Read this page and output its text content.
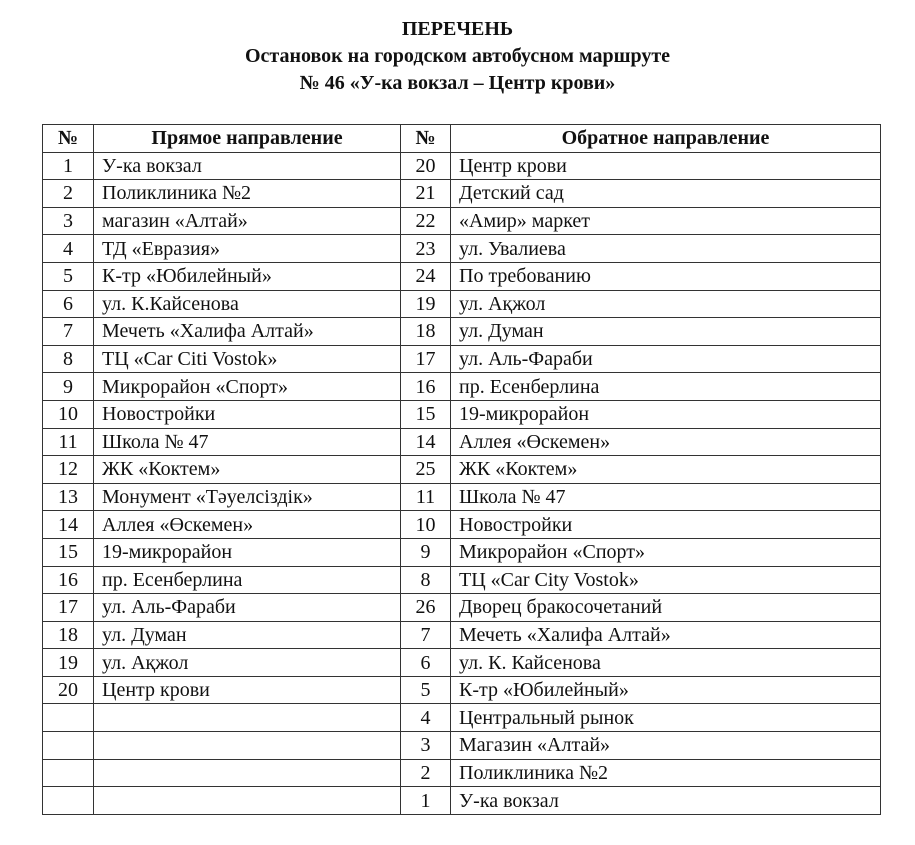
ПЕРЕЧЕНЬ
Остановок на городском автобусном маршруте
№ 46 «У-ка вокзал – Центр крови»
№	Прямое направление	№	Обратное направление
1	У-ка вокзал	20	Центр крови
2	Поликлиника №2	21	Детский сад
3	магазин «Алтай»	22	«Амир» маркет
4	ТД «Евразия»	23	ул. Увалиева
5	К-тр «Юбилейный»	24	По требованию
6	ул. К.Кайсенова	19	ул. Ақжол
7	Мечеть «Халифа Алтай»	18	ул. Думан
8	ТЦ «Car Citi Vostok»	17	ул. Аль-Фараби
9	Микрорайон «Спорт»	16	пр. Есенберлина
10	Новостройки	15	19-микрорайон
11	Школа № 47	14	Аллея «Өскемен»
12	ЖК «Коктем»	25	ЖК «Коктем»
13	Монумент «Тәуелсіздік»	11	Школа № 47
14	Аллея «Өскемен»	10	Новостройки
15	19-микрорайон	9	Микрорайон «Спорт»
16	пр. Есенберлина	8	ТЦ «Car City Vostok»
17	ул. Аль-Фараби	26	Дворец бракосочетаний
18	ул. Думан	7	Мечеть «Халифа Алтай»
19	ул. Ақжол	6	ул. К. Кайсенова
20	Центр крови	5	К-тр «Юбилейный»
		4	Центральный рынок
		3	Магазин «Алтай»
		2	Поликлиника №2
		1	У-ка вокзал
